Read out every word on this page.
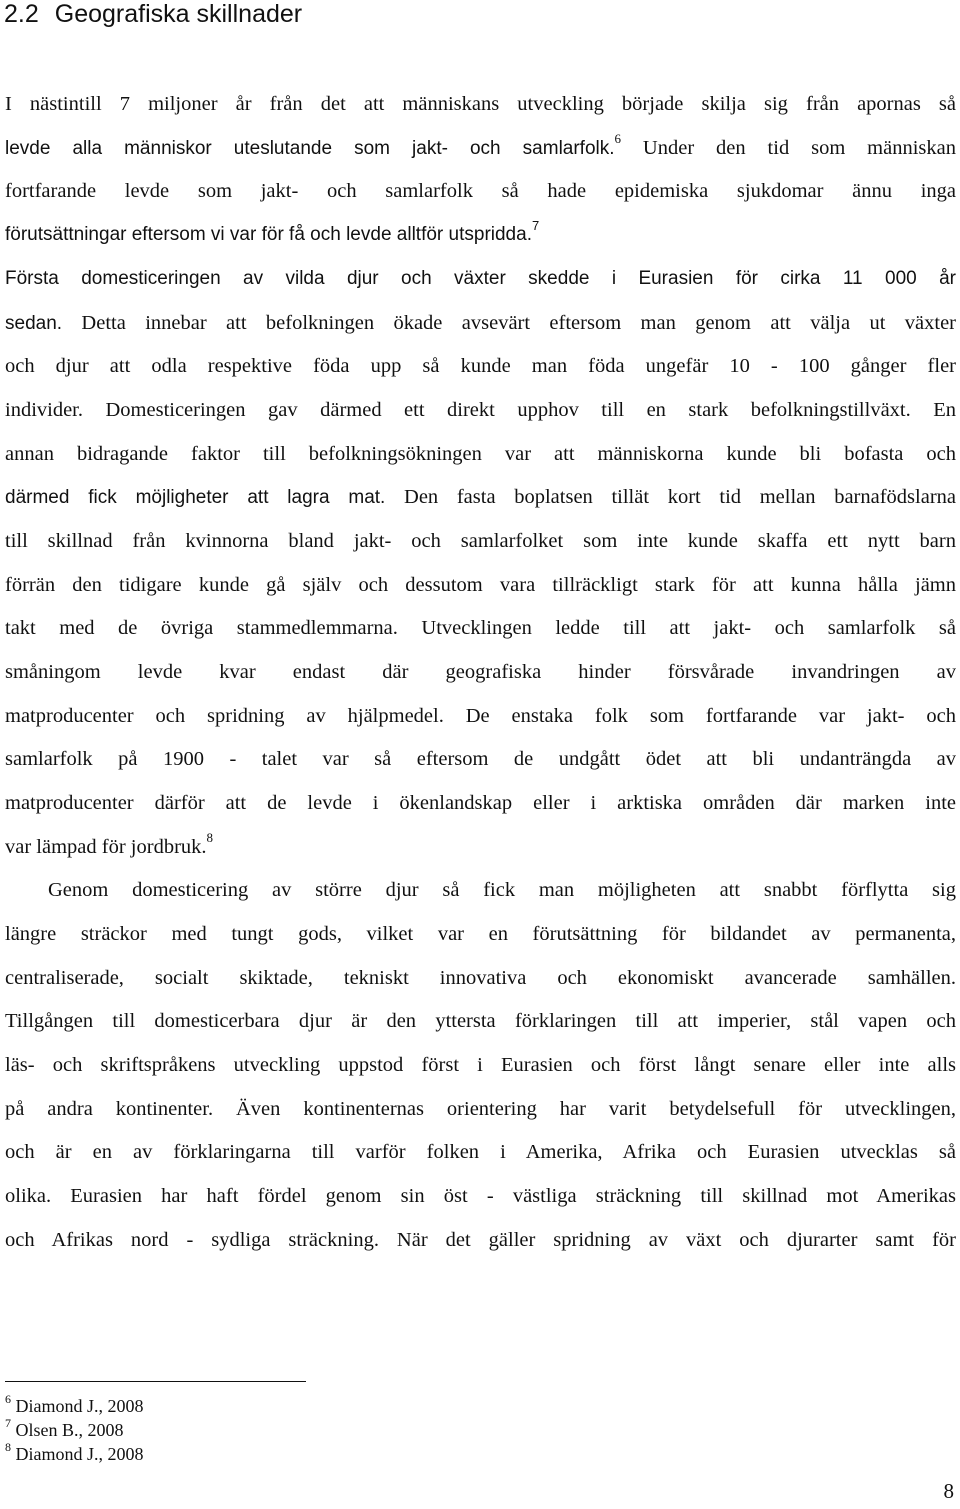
2.2 Geografiska skillnader
I nästintill 7 miljoner år från det att människans utveckling började skilja sig från apornas så
levde alla människor uteslutande som jakt- och samlarfolk.$^6$ Under den tid som människan
fortfarande levde som jakt- och samlarfolk så hade epidemiska sjukdomar ännu inga
förutsättningar eftersom vi var för få och levde alltför utspridda.$^7$
Första domesticeringen av vilda djur och växter skedde i Eurasien för cirka 11 000 år
sedan. Detta innebar att befolkningen ökade avsevärt eftersom man genom att välja ut växter
och djur att odla respektive föda upp så kunde man föda ungefär 10 - 100 gånger fler
individer. Domesticeringen gav därmed ett direkt upphov till en stark befolkningstillväxt. En
annan bidragande faktor till befolkningsökningen var att människorna kunde bli bofasta och
därmed fick möjligheter att lagra mat. Den fasta boplatsen tillät kort tid mellan barnafödslarna
till skillnad från kvinnorna bland jakt- och samlarfolket som inte kunde skaffa ett nytt barn
förrän den tidigare kunde gå själv och dessutom vara tillräckligt stark för att kunna hålla jämn
takt med de övriga stammedlemmarna. Utvecklingen ledde till att jakt- och samlarfolk så
småningom levde kvar endast där geografiska hinder försvårade invandringen av
matproducenter och spridning av hjälpmedel. De enstaka folk som fortfarande var jakt- och
samlarfolk på 1900 - talet var så eftersom de undgått ödet att bli undanträngda av
matproducenter därför att de levde i ökenlandskap eller i arktiska områden där marken inte
var lämpad för jordbruk.$^8$
Genom domesticering av större djur så fick man möjligheten att snabbt förflytta sig
längre sträckor med tungt gods, vilket var en förutsättning för bildandet av permanenta,
centraliserade, socialt skiktade, tekniskt innovativa och ekonomiskt avancerade samhällen.
Tillgången till domesticerbara djur är den yttersta förklaringen till att imperier, stål vapen och
läs- och skriftspråkens utveckling uppstod först i Eurasien och först långt senare eller inte alls
på andra kontinenter. Även kontinenternas orientering har varit betydelsefull för utvecklingen,
och är en av förklaringarna till varför folken i Amerika, Afrika och Eurasien utvecklas så
olika. Eurasien har haft fördel genom sin öst - västliga sträckning till skillnad mot Amerikas
och Afrikas nord - sydliga sträckning. När det gäller spridning av växt och djurarter samt för
$^6$ Diamond J., 2008
$^7$ Olsen B., 2008
$^8$ Diamond J., 2008
8
